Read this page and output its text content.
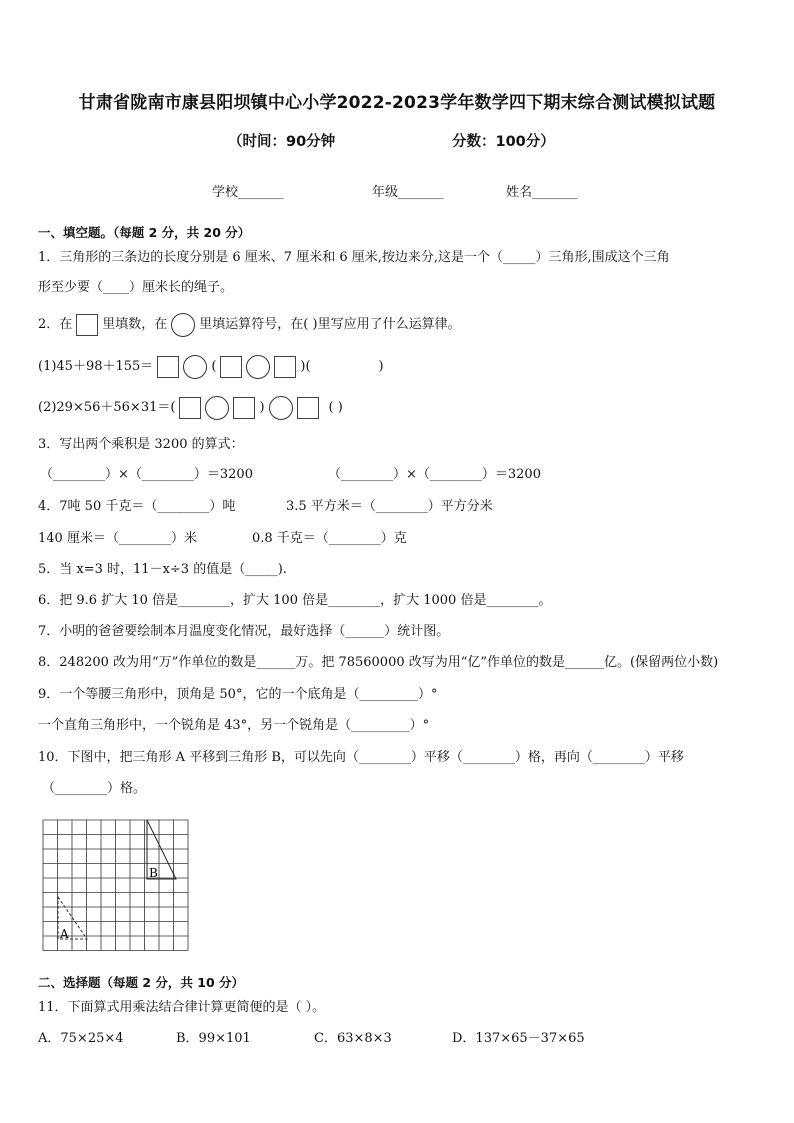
甘肃省陇南市康县阳坝镇中心小学2022-2023学年数学四下期末综合测试模拟试题
（时间：90分钟	分数：100分）
学校_______	年级_______	姓名_______
一、填空题。（每题 2 分，共 20 分）
1．三角形的三条边的长度分别是 6 厘米、7 厘米和 6 厘米,按边来分,这是一个（_____）三角形,围成这个三角
形至少要（____）厘米长的绳子。
2．在 里填数，在 里填运算符号，在( )里写应用了什么运算律。
(1)45＋98＋155＝	(	)(	)
(2)29×56＋56×31＝(	)	( )
3．写出两个乘积是 3200 的算式：
（________）×（________）＝3200	（________）×（________）＝3200
4．7吨 50 千克＝（________）吨	3.5 平方米＝（________）平方分米
140 厘米＝（________）米	0.8 千克＝（________）克
5．当 x=3 时，11－x÷3 的值是（_____).
6．把 9.6 扩大 10 倍是________，扩大 100 倍是________，扩大 1000 倍是________。
7．小明的爸爸要绘制本月温度变化情况，最好选择（______）统计图。
8．248200 改为用“万”作单位的数是______万。把 78560000 改写为用“亿”作单位的数是______亿。(保留两位小数)
9．一个等腰三角形中，顶角是 50°，它的一个底角是（_________）°
一个直角三角形中，一个锐角是 43°，另一个锐角是（_________）°
10．下图中，把三角形 A 平移到三角形 B，可以先向（________）平移（________）格，再向（________）平移
（________）格。
A
B
二、选择题（每题 2 分，共 10 分）
11．下面算式用乘法结合律计算更简便的是（ ）。
A．75×25×4	B．99×101	C．63×8×3	D．137×65－37×65
